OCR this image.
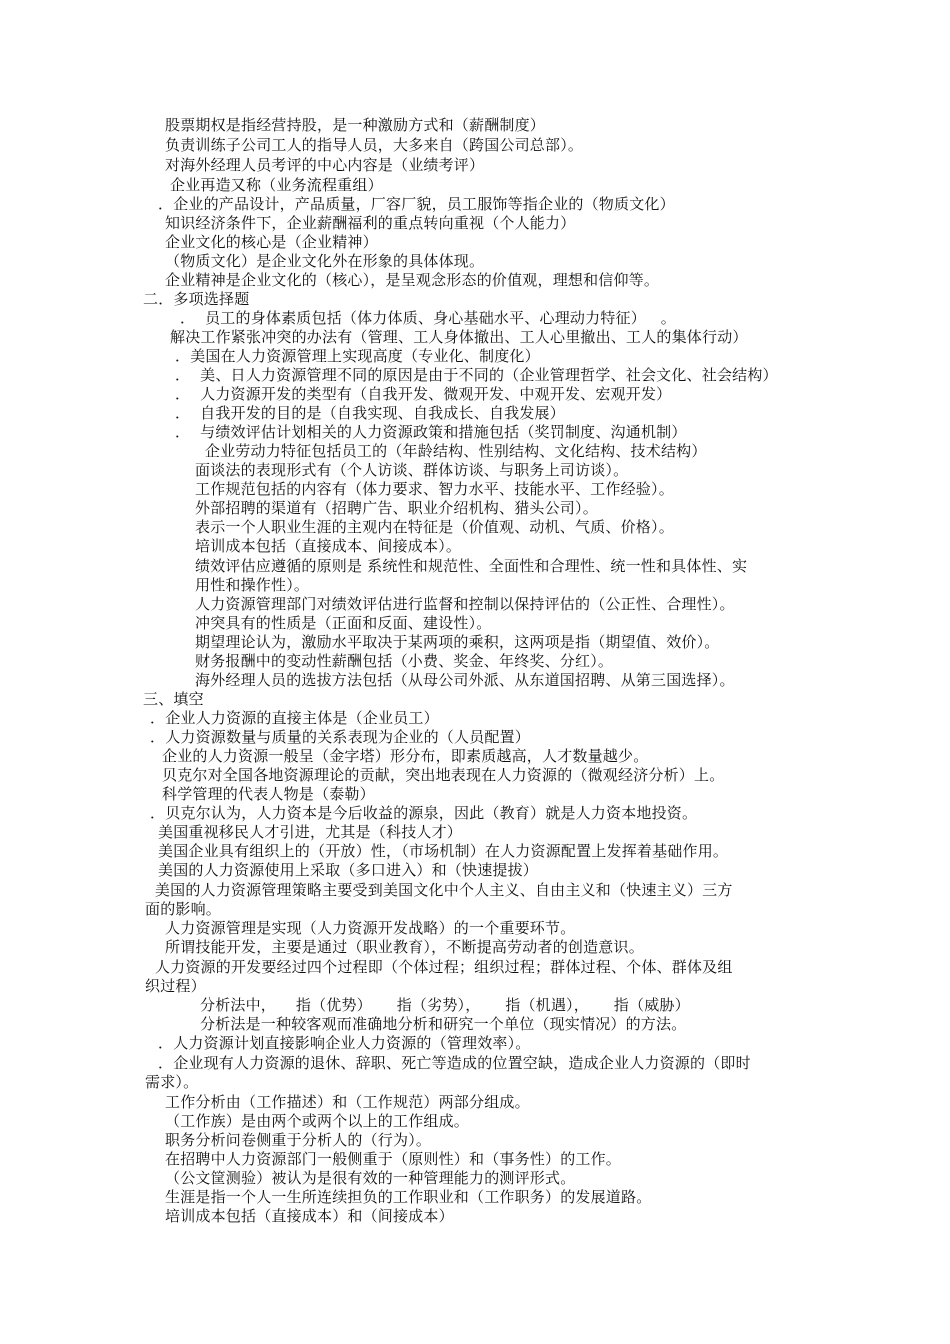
股票期权是指经营持股，是一种激励方式和（薪酬制度）
负责训练子公司工人的指导人员，大多来自（跨国公司总部）。
对海外经理人员考评的中心内容是（业绩考评）
企业再造又称（业务流程重组）
．企业的产品设计，产品质量，厂容厂貌，员工服饰等指企业的（物质文化）
知识经济条件下，企业薪酬福利的重点转向重视（个人能力）
企业文化的核心是（企业精神）
（物质文化）是企业文化外在形象的具体体现。
企业精神是企业文化的（核心），是呈观念形态的价值观，理想和信仰等。
二．多项选择题
．  员工的身体素质包括（体力体质、身心基础水平、心理动力特征）   。
解决工作紧张冲突的办法有（管理、工人身体撤出、工人心里撤出、工人的集体行动）
．美国在人力资源管理上实现高度（专业化、制度化）
．  美、日人力资源管理不同的原因是由于不同的（企业管理哲学、社会文化、社会结构）
．  人力资源开发的类型有（自我开发、微观开发、中观开发、宏观开发）
．  自我开发的目的是（自我实现、自我成长、自我发展）
．  与绩效评估计划相关的人力资源政策和措施包括（奖罚制度、沟通机制）
企业劳动力特征包括员工的（年龄结构、性别结构、文化结构、技术结构）
面谈法的表现形式有（个人访谈、群体访谈、与职务上司访谈）。
工作规范包括的内容有（体力要求、智力水平、技能水平、工作经验）。
外部招聘的渠道有（招聘广告、职业介绍机构、猎头公司）。
表示一个人职业生涯的主观内在特征是（价值观、动机、气质、价格）。
培训成本包括（直接成本、间接成本）。
绩效评估应遵循的原则是 系统性和规范性、全面性和合理性、统一性和具体性、实
用性和操作性）。
人力资源管理部门对绩效评估进行监督和控制以保持评估的（公正性、合理性）。
冲突具有的性质是（正面和反面、建设性）。
期望理论认为，激励水平取决于某两项的乘积，这两项是指（期望值、效价）。
财务报酬中的变动性薪酬包括（小费、奖金、年终奖、分红）。
海外经理人员的选拔方法包括（从母公司外派、从东道国招聘、从第三国选择）。
三、填空
．企业人力资源的直接主体是（企业员工）
．人力资源数量与质量的关系表现为企业的（人员配置）
企业的人力资源一般呈（金字塔）形分布，即素质越高，人才数量越少。
贝克尔对全国各地资源理论的贡献，突出地表现在人力资源的（微观经济分析）上。
科学管理的代表人物是（泰勒）
．贝克尔认为，人力资本是今后收益的源泉，因此（教育）就是人力资本地投资。
美国重视移民人才引进，尤其是（科技人才）
美国企业具有组织上的（开放）性，（市场机制）在人力资源配置上发挥着基础作用。
美国的人力资源使用上采取（多口进入）和（快速提拔）
美国的人力资源管理策略主要受到美国文化中个人主义、自由主义和（快速主义）三方
面的影响。
人力资源管理是实现（人力资源开发战略）的一个重要环节。
所谓技能开发，主要是通过（职业教育），不断提高劳动者的创造意识。
人力资源的开发要经过四个过程即（个体过程；组织过程；群体过程、个体、群体及组
织过程）
分析法中，    指（优势）     指（劣势），     指（机遇），     指（威胁）
分析法是一种较客观而准确地分析和研究一个单位（现实情况）的方法。
．人力资源计划直接影响企业人力资源的（管理效率）。
．企业现有人力资源的退休、辞职、死亡等造成的位置空缺，造成企业人力资源的（即时
需求）。
工作分析由（工作描述）和（工作规范）两部分组成。
（工作族）是由两个或两个以上的工作组成。
职务分析问卷侧重于分析人的（行为）。
在招聘中人力资源部门一般侧重于（原则性）和（事务性）的工作。
（公文筐测验）被认为是很有效的一种管理能力的测评形式。
生涯是指一个人一生所连续担负的工作职业和（工作职务）的发展道路。
培训成本包括（直接成本）和（间接成本）
